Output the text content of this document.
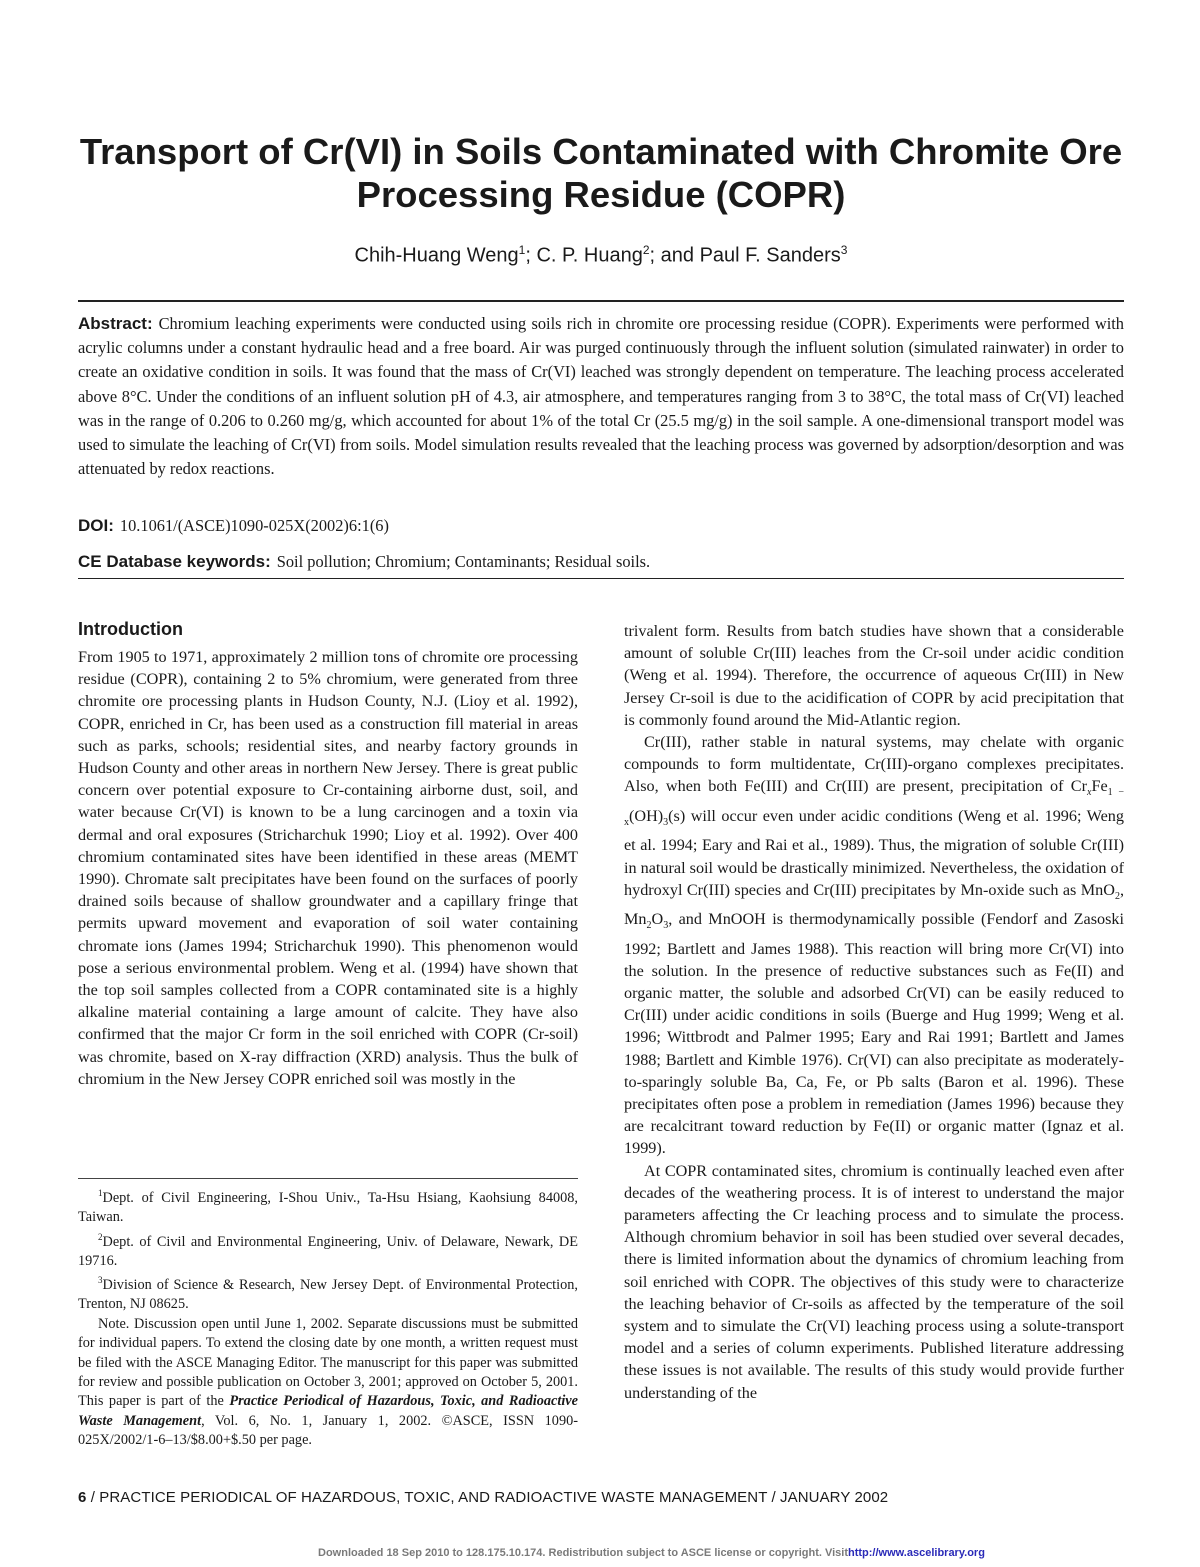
Transport of Cr(VI) in Soils Contaminated with Chromite Ore Processing Residue (COPR)
Chih-Huang Weng$^1$; C. P. Huang$^2$; and Paul F. Sanders$^3$

Abstract: Chromium leaching experiments were conducted using soils rich in chromite ore processing residue (COPR). Experiments were performed with acrylic columns under a constant hydraulic head and a free board. Air was purged continuously through the influent solution (simulated rainwater) in order to create an oxidative condition in soils. It was found that the mass of Cr(VI) leached was strongly dependent on temperature. The leaching process accelerated above 8°C. Under the conditions of an influent solution pH of 4.3, air atmosphere, and temperatures ranging from 3 to 38°C, the total mass of Cr(VI) leached was in the range of 0.206 to 0.260 mg/g, which accounted for about 1% of the total Cr (25.5 mg/g) in the soil sample. A one-dimensional transport model was used to simulate the leaching of Cr(VI) from soils. Model simulation results revealed that the leaching process was governed by adsorption/desorption and was attenuated by redox reactions.

DOI: 10.1061/(ASCE)1090-025X(2002)6:1(6)
CE Database keywords: Soil pollution; Chromium; Contaminants; Residual soils.
Introduction

From 1905 to 1971, approximately 2 million tons of chromite ore processing residue (COPR), containing 2 to 5% chromium, were generated from three chromite ore processing plants in Hudson County, N.J. (Lioy et al. 1992), COPR, enriched in Cr, has been used as a construction fill material in areas such as parks, schools; residential sites, and nearby factory grounds in Hudson County and other areas in northern New Jersey. There is great public concern over potential exposure to Cr-containing airborne dust, soil, and water because Cr(VI) is known to be a lung carcinogen and a toxin via dermal and oral exposures (Stricharchuk 1990; Lioy et al. 1992). Over 400 chromium contaminated sites have been identified in these areas (MEMT 1990). Chromate salt precipitates have been found on the surfaces of poorly drained soils because of shallow groundwater and a capillary fringe that permits upward movement and evaporation of soil water containing chromate ions (James 1994; Stricharchuk 1990). This phenomenon would pose a serious environmental problem. Weng et al. (1994) have shown that the top soil samples collected from a COPR contaminated site is a highly alkaline material containing a large amount of calcite. They have also confirmed that the major Cr form in the soil enriched with COPR (Cr-soil) was chromite, based on X-ray diffraction (XRD) analysis. Thus the bulk of chromium in the New Jersey COPR enriched soil was mostly in the

$^1$Dept. of Civil Engineering, I-Shou Univ., Ta-Hsu Hsiang, Kaohsiung 84008, Taiwan.

$^2$Dept. of Civil and Environmental Engineering, Univ. of Delaware, Newark, DE 19716.

$^3$Division of Science & Research, New Jersey Dept. of Environmental Protection, Trenton, NJ 08625.

Note. Discussion open until June 1, 2002. Separate discussions must be submitted for individual papers. To extend the closing date by one month, a written request must be filed with the ASCE Managing Editor. The manuscript for this paper was submitted for review and possible publication on October 3, 2001; approved on October 5, 2001. This paper is part of the Practice Periodical of Hazardous, Toxic, and Radioactive Waste Management, Vol. 6, No. 1, January 1, 2002. ©ASCE, ISSN 1090-025X/2002/1-6–13/$8.00+$.50 per page.

trivalent form. Results from batch studies have shown that a considerable amount of soluble Cr(III) leaches from the Cr-soil under acidic condition (Weng et al. 1994). Therefore, the occurrence of aqueous Cr(III) in New Jersey Cr-soil is due to the acidification of COPR by acid precipitation that is commonly found around the Mid-Atlantic region.

Cr(III), rather stable in natural systems, may chelate with organic compounds to form multidentate, Cr(III)-organo complexes precipitates. Also, when both Fe(III) and Cr(III) are present, precipitation of $Cr_xFe_{1 - x}(OH)_3(s)$ will occur even under acidic conditions (Weng et al. 1996; Weng et al. 1994; Eary and Rai et al., 1989). Thus, the migration of soluble Cr(III) in natural soil would be drastically minimized. Nevertheless, the oxidation of hydroxyl Cr(III) species and Cr(III) precipitates by Mn-oxide such as MnO$_2$, $Mn_2O_3$, and MnOOH is thermodynamically possible (Fendorf and Zasoski 1992; Bartlett and James 1988). This reaction will bring more Cr(VI) into the solution. In the presence of reductive substances such as Fe(II) and organic matter, the soluble and adsorbed Cr(VI) can be easily reduced to Cr(III) under acidic conditions in soils (Buerge and Hug 1999; Weng et al. 1996; Wittbrodt and Palmer 1995; Eary and Rai 1991; Bartlett and James 1988; Bartlett and Kimble 1976). Cr(VI) can also precipitate as moderately-to-sparingly soluble Ba, Ca, Fe, or Pb salts (Baron et al. 1996). These precipitates often pose a problem in remediation (James 1996) because they are recalcitrant toward reduction by Fe(II) or organic matter (Ignaz et al. 1999).

At COPR contaminated sites, chromium is continually leached even after decades of the weathering process. It is of interest to understand the major parameters affecting the Cr leaching process and to simulate the process. Although chromium behavior in soil has been studied over several decades, there is limited information about the dynamics of chromium leaching from soil enriched with COPR. The objectives of this study were to characterize the leaching behavior of Cr-soils as affected by the temperature of the soil system and to simulate the Cr(VI) leaching process using a solute-transport model and a series of column experiments. Published literature addressing these issues is not available. The results of this study would provide further understanding of the

6 / PRACTICE PERIODICAL OF HAZARDOUS, TOXIC, AND RADIOACTIVE WASTE MANAGEMENT / JANUARY 2002
Downloaded 18 Sep 2010 to 128.175.10.174. Redistribution subject to ASCE license or copyright. Visithttp://www.ascelibrary.org
